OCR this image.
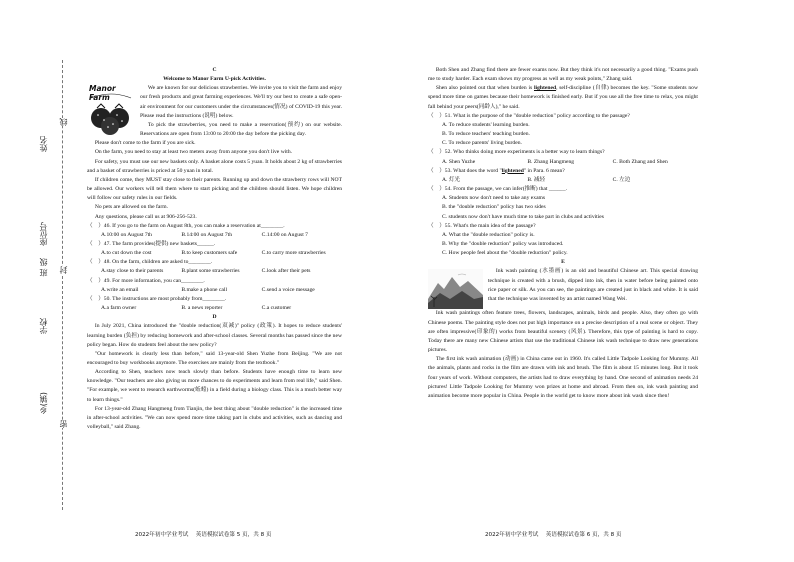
乡(镇)
学校
班 级
座位号
姓名
密
封
线

C

Welcome to Manor Farm U-pick Activities.

Manor Farm

We are known for our delicious strawberries. We invite you to visit the farm and enjoy our fresh products and great farming experiences. We'll try our best to create a safe open-air environment for our customers under the circumstances(情况) of COVID-19 this year. Please read the instructions (说明) below.

To pick the strawberries, you need to make a reservation(预约) on our website. Reservations are open from 13:00 to 20:00 the day before the picking day.

Please don't come to the farm if you are sick.

On the farm, you need to stay at least two meters away from anyone you don't live with.

For safety, you must use our new baskets only. A basket alone costs 5 yuan. It holds about 2 kg of strawberries and a basket of strawberries is priced at 50 yuan in total.

If children come, they MUST stay close to their parents. Running up and down the strawberry rows will NOT be allowed. Our workers will tell them where to start picking and the children should listen. We hope children will follow our safety rules in our fields.

No pets are allowed on the farm.

Any questions, please call us at 906-256-523.

（　）46. If you go to the farm on August 8th, you can make a reservation at________.

A.10:00 on August 7th	B.14:00 on August 7th	C.14:00 on August 7

（　）47. The farm provides(提供) new baskets______.

A.to cut down the cost	B.to keep customers safe	C.to carry more strawberries

（　）48. On the farm, children are asked to________.

A.stay close to their parents	B.plant some strawberries	C.look after their pets

（　）49. For more information, you can________.

A.write an email	B.make a phone call	C.send a voice message

（　）50. The instructions are most probably from________.

A.a farm owner	B. a news reporter	C.a customer

D

In July 2021, China introduced the "double reduction(双减)" policy (政策). It hopes to reduce students' learning burden (负担) by reducing homework and after-school classes. Several months has passed since the new policy began. How do students feel about the new policy?

"Our homework is clearly less than before," said 13-year-old Shen Yuzhe from Beijing. "We are not encouraged to buy workbooks anymore. The exercises are mainly from the textbook."

According to Shen, teachers now teach slowly than before. Students have enough time to learn new knowledge. "Our teachers are also giving us more chances to do experiments and learn from real life," said Shen. "For example, we went to research earthworms(蚯蚓) in a field during a biology class. This is a much better way to learn things."

For 13-year-old Zhang Hangmeng from Tianjin, the best thing about "double reduction" is the increased time in after-school activities. "We can now spend more time taking part in clubs and activities, such as dancing and volleyball," said Zhang.

2022年初中学业考试　 英语模拟试卷第 5 页，共 8 页

Both Shen and Zhang find there are fewer exams now. But they think it's not necessarily a good thing. "Exams push me to study harder. Each exam shows my progress as well as my weak points," Zhang said.

Shen also pointed out that when burden is lightened, self-discipline (自律) becomes the key. "Some students now spend more time on games because their homework is finished early. But if you use all the free time to relax, you might fall behind your peers(同龄人)," he said.

（　）51. What is the purpose of the "double reduction" policy according to the passage?

A. To reduce students' learning burden.

B. To reduce teachers' teaching burden.

C. To reduce parents' living burden.

（　）52. Who thinks doing more experiments is a better way to learn things?

A. Shen Yuzhe	B. Zhang Hangmeng	C. Both Zhang and Shen

（　）53. What does the word "lightened" in Para. 6 mean?

A. 灯光	B. 减轻	C. 左边

（　）54. From the passage, we can infer(推断) that ______.

A. Students now don't need to take any exams

B. the "double reduction" policy has two sides

C. students now don't have much time to take part in clubs and activities

（　）55. What's the main idea of the passage?

A. What the "double reduction" policy is.

B. Why the "double reduction" policy was introduced.

C. How people feel about the "double reduction" policy.

E

Ink wash painting (水墨画) is an old and beautiful Chinese art. This special drawing technique is created with a brush, dipped into ink, then in water before being painted onto rice paper or silk. As you can see, the paintings are created just in black and white. It is said that the technique was invented by an artist named Wang Wei.

Ink wash paintings often feature trees, flowers, landscapes, animals, birds and people. Also, they often go with Chinese poems. The painting style does not put high importance on a precise description of a real scene or object. They are often impressive(印象的) works from beautiful scenery (风景). Therefore, this type of painting is hard to copy. Today there are many new Chinese artists that use the traditional Chinese ink wash technique to draw new generations pictures.

The first ink wash animation (动画) in China came out in 1960. It's called Little Tadpole Looking for Mummy. All the animals, plants and rocks in the film are drawn with ink and brush. The film is about 15 minutes long. But it took four years of work. Without computers, the artists had to draw everything by hand. One second of animation needs 24 pictures! Little Tadpole Looking for Mummy won prizes at home and abroad. From then on, ink wash painting and animation become more popular in China. People in the world get to know more about ink wash since then!

2022年初中学业考试　 英语模拟试卷第 6 页，共 8 页
